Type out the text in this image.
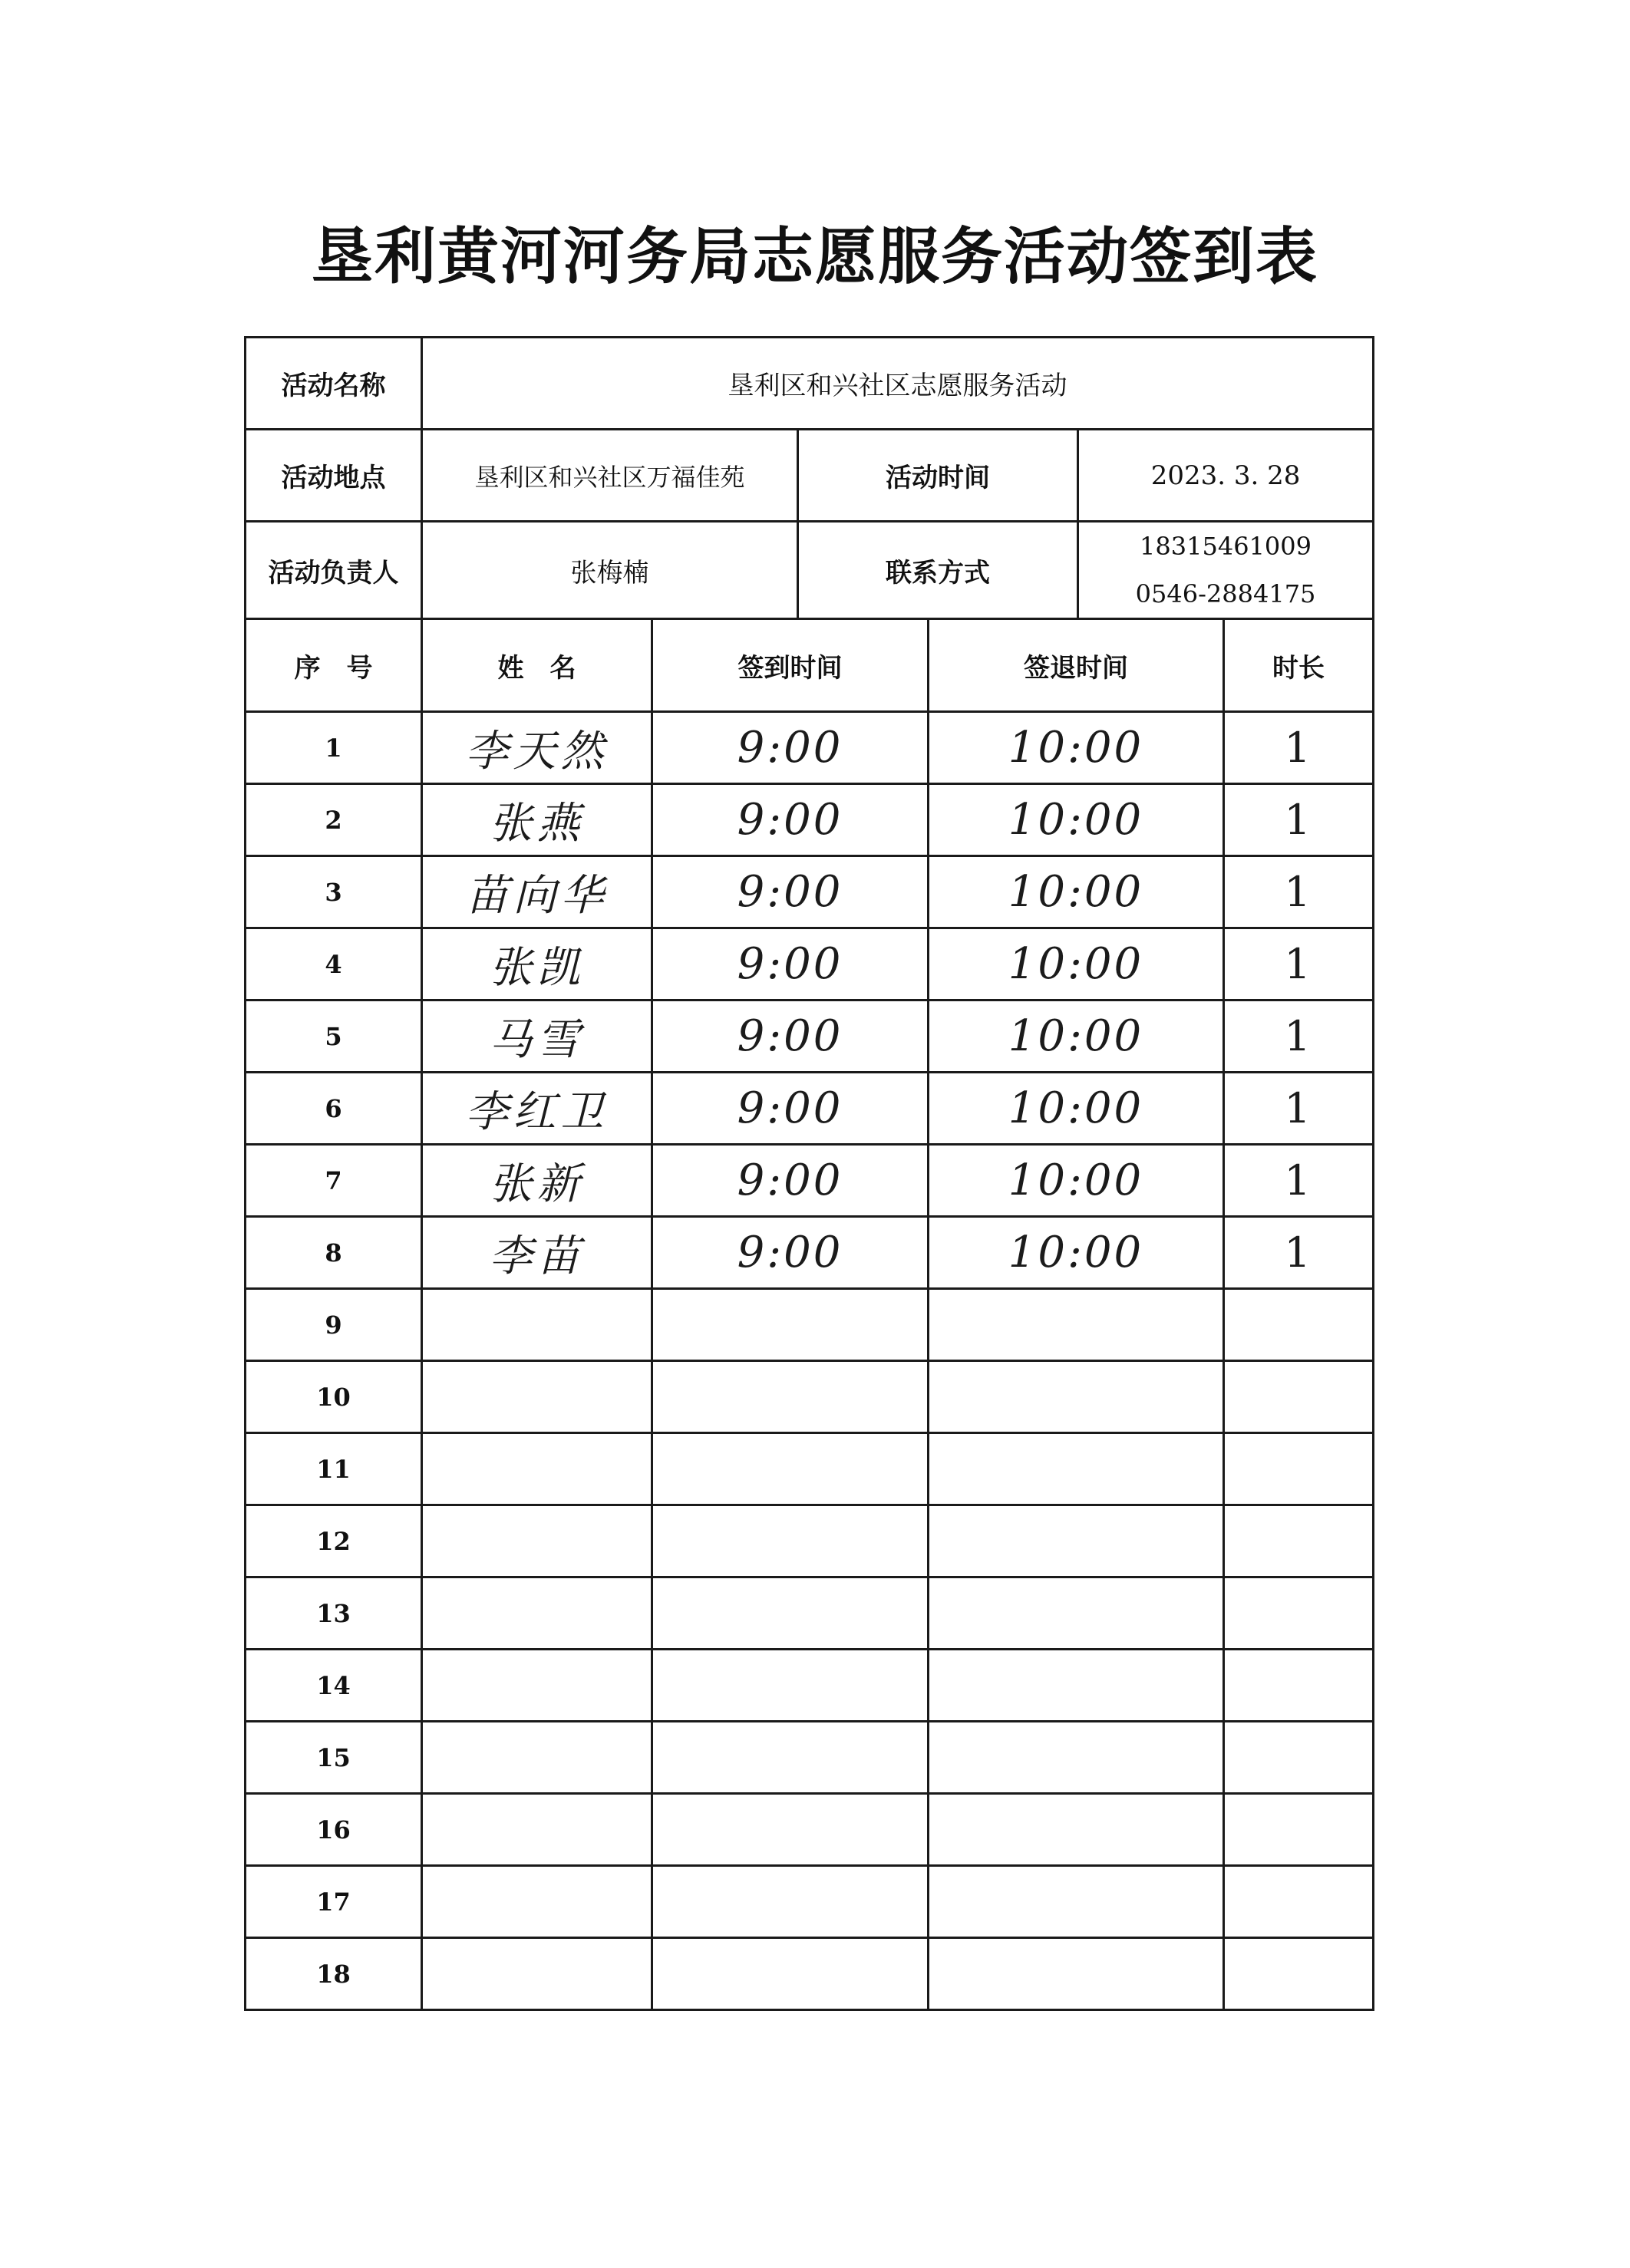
垦利黄河河务局志愿服务活动签到表
活动名称	垦利区和兴社区志愿服务活动					
活动地点	垦利区和兴社区万福佳苑		活动时间		2023. 3. 28	
活动负责人	张梅楠		联系方式		18315461009
0546-2884175	

序　号	姓　名	签到时间		签退时间		时长
1	李天然	9:00		10:00		1
2	张燕	9:00		10:00		1
3	苗向华	9:00		10:00		1
4	张凯	9:00		10:00		1
5	马雪	9:00		10:00		1
6	李红卫	9:00		10:00		1
7	张新	9:00		10:00		1
8	李苗	9:00		10:00		1
9						
10						
11						
12						
13						
14						
15						
16						
17						
18						
